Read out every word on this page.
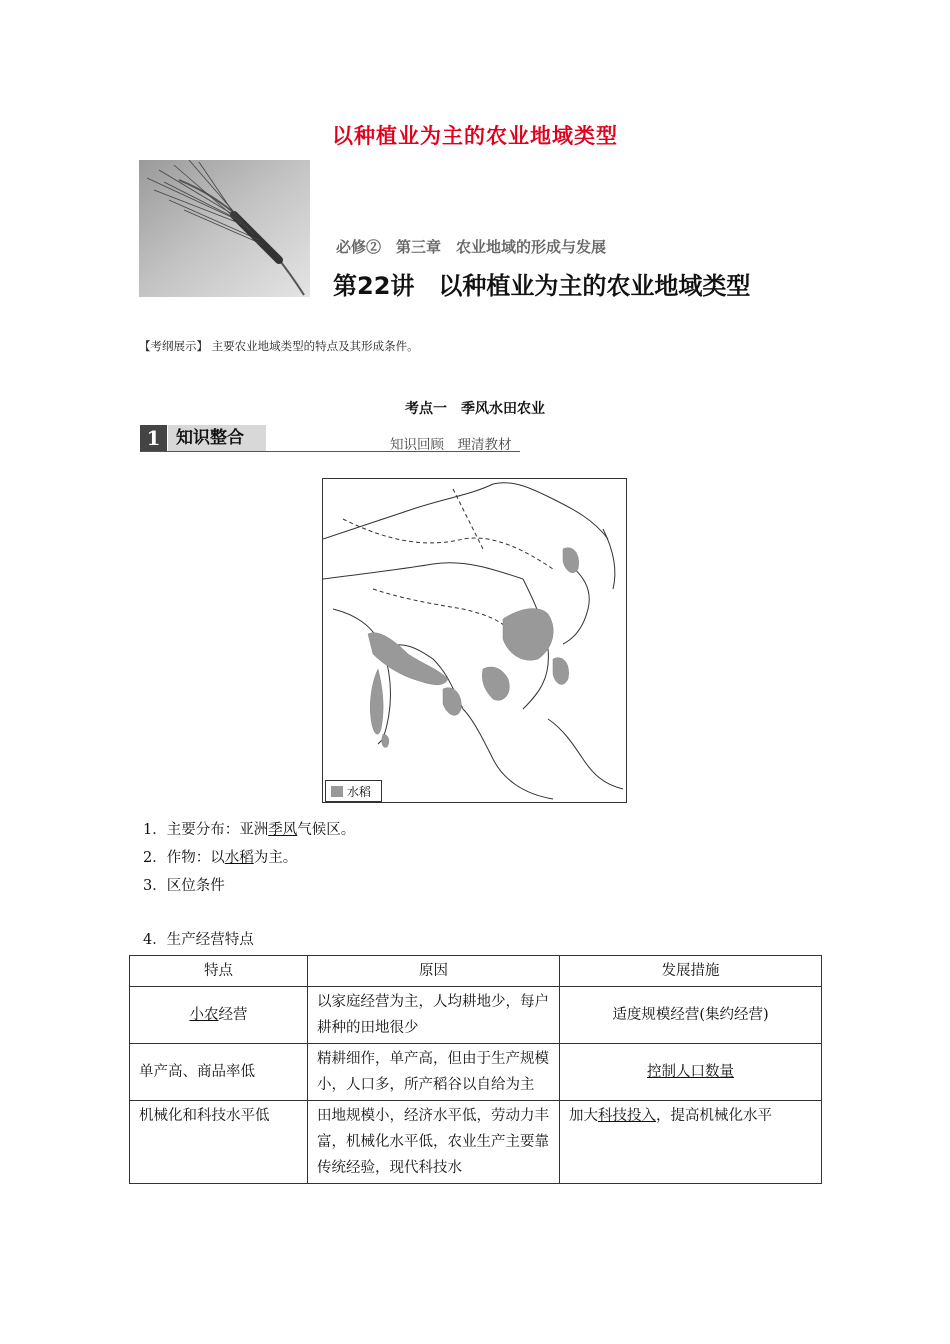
以种植业为主的农业地域类型
必修②　第三章　农业地域的形成与发展
第22讲　以种植业为主的农业地域类型
【考纲展示】 主要农业地域类型的特点及其形成条件。
考点一　季风水田农业
1 知识整合	知识回顾　理清教材
水稻
1．主要分布：亚洲季风气候区。
2．作物：以水稻为主。
3．区位条件
4．生产经营特点
特点	原因	发展措施
小农经营	以家庭经营为主，人均耕地少，每户耕种的田地很少	适度规模经营(集约经营)
单产高、商品率低	精耕细作，单产高，但由于生产规模小，人口多，所产稻谷以自给为主	控制人口数量
机械化和科技水平低	田地规模小，经济水平低，劳动力丰富，机械化水平低，农业生产主要靠传统经验，现代科技水	加大科技投入，提高机械化水平
